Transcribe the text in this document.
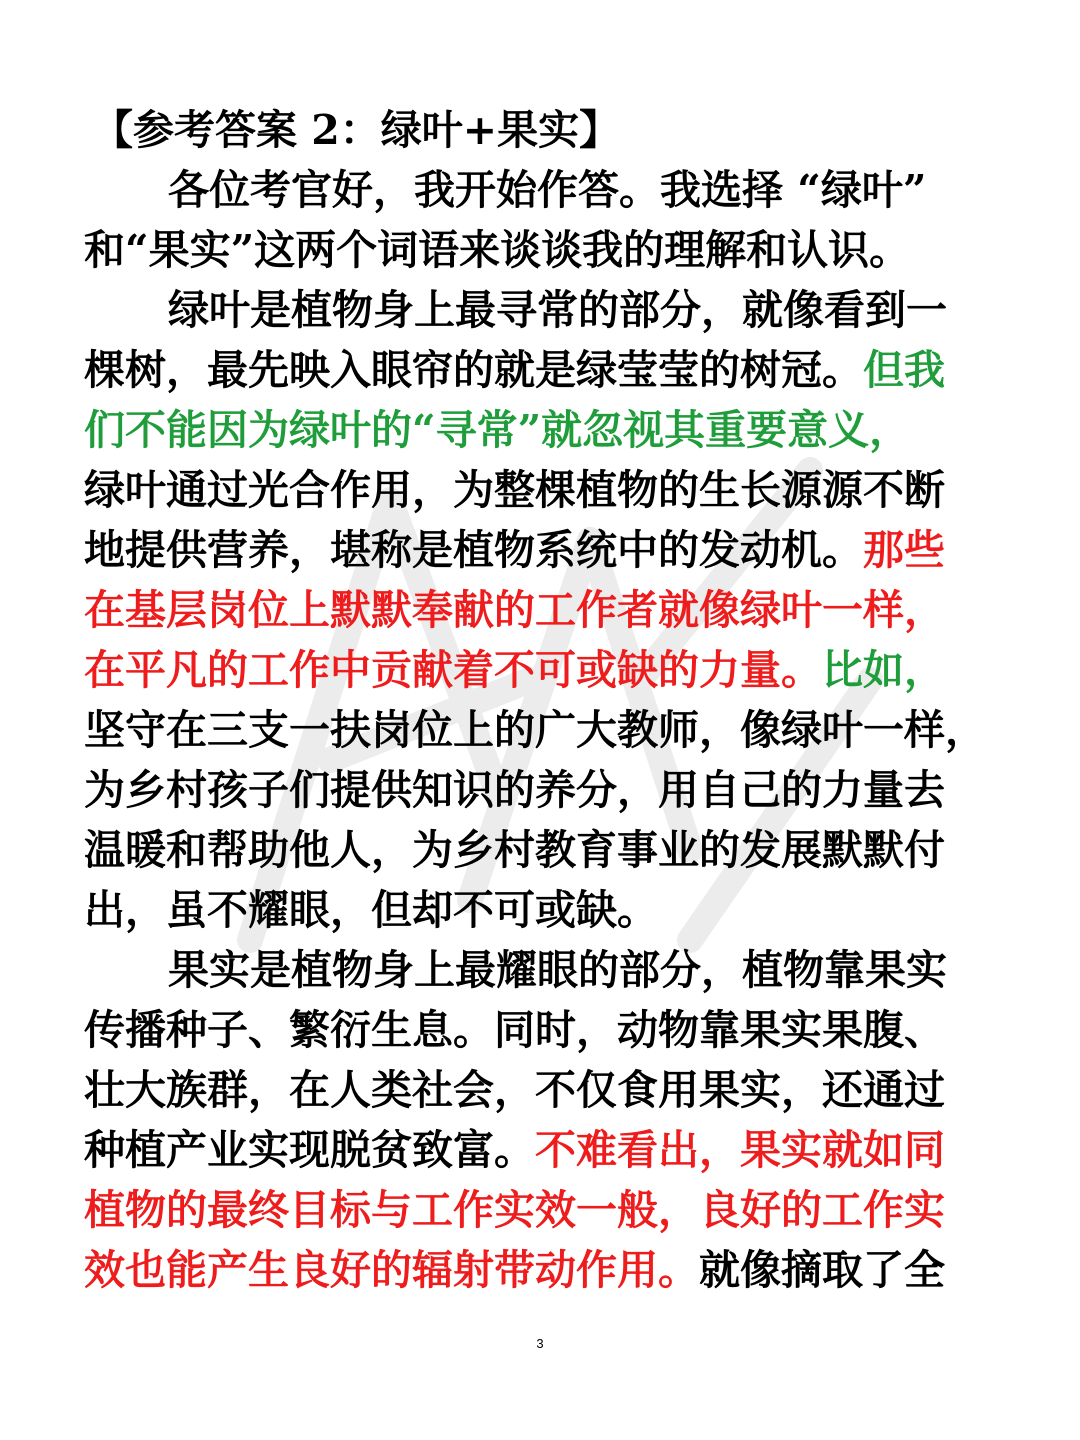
【参考答案 2：绿叶+果实】
各位考官好，我开始作答。我选择 “绿叶”
和“果实”这两个词语来谈谈我的理解和认识。
绿叶是植物身上最寻常的部分，就像看到一
棵树，最先映入眼帘的就是绿莹莹的树冠。但我
们不能因为绿叶的“寻常”就忽视其重要意义，
绿叶通过光合作用，为整棵植物的生长源源不断
地提供营养，堪称是植物系统中的发动机。那些
在基层岗位上默默奉献的工作者就像绿叶一样，
在平凡的工作中贡献着不可或缺的力量。比如，
坚守在三支一扶岗位上的广大教师，像绿叶一样，
为乡村孩子们提供知识的养分，用自己的力量去
温暖和帮助他人，为乡村教育事业的发展默默付
出，虽不耀眼，但却不可或缺。
果实是植物身上最耀眼的部分，植物靠果实
传播种子、繁衍生息。同时，动物靠果实果腹、
壮大族群，在人类社会，不仅食用果实，还通过
种植产业实现脱贫致富。不难看出，果实就如同
植物的最终目标与工作实效一般，良好的工作实
效也能产生良好的辐射带动作用。就像摘取了全
3
